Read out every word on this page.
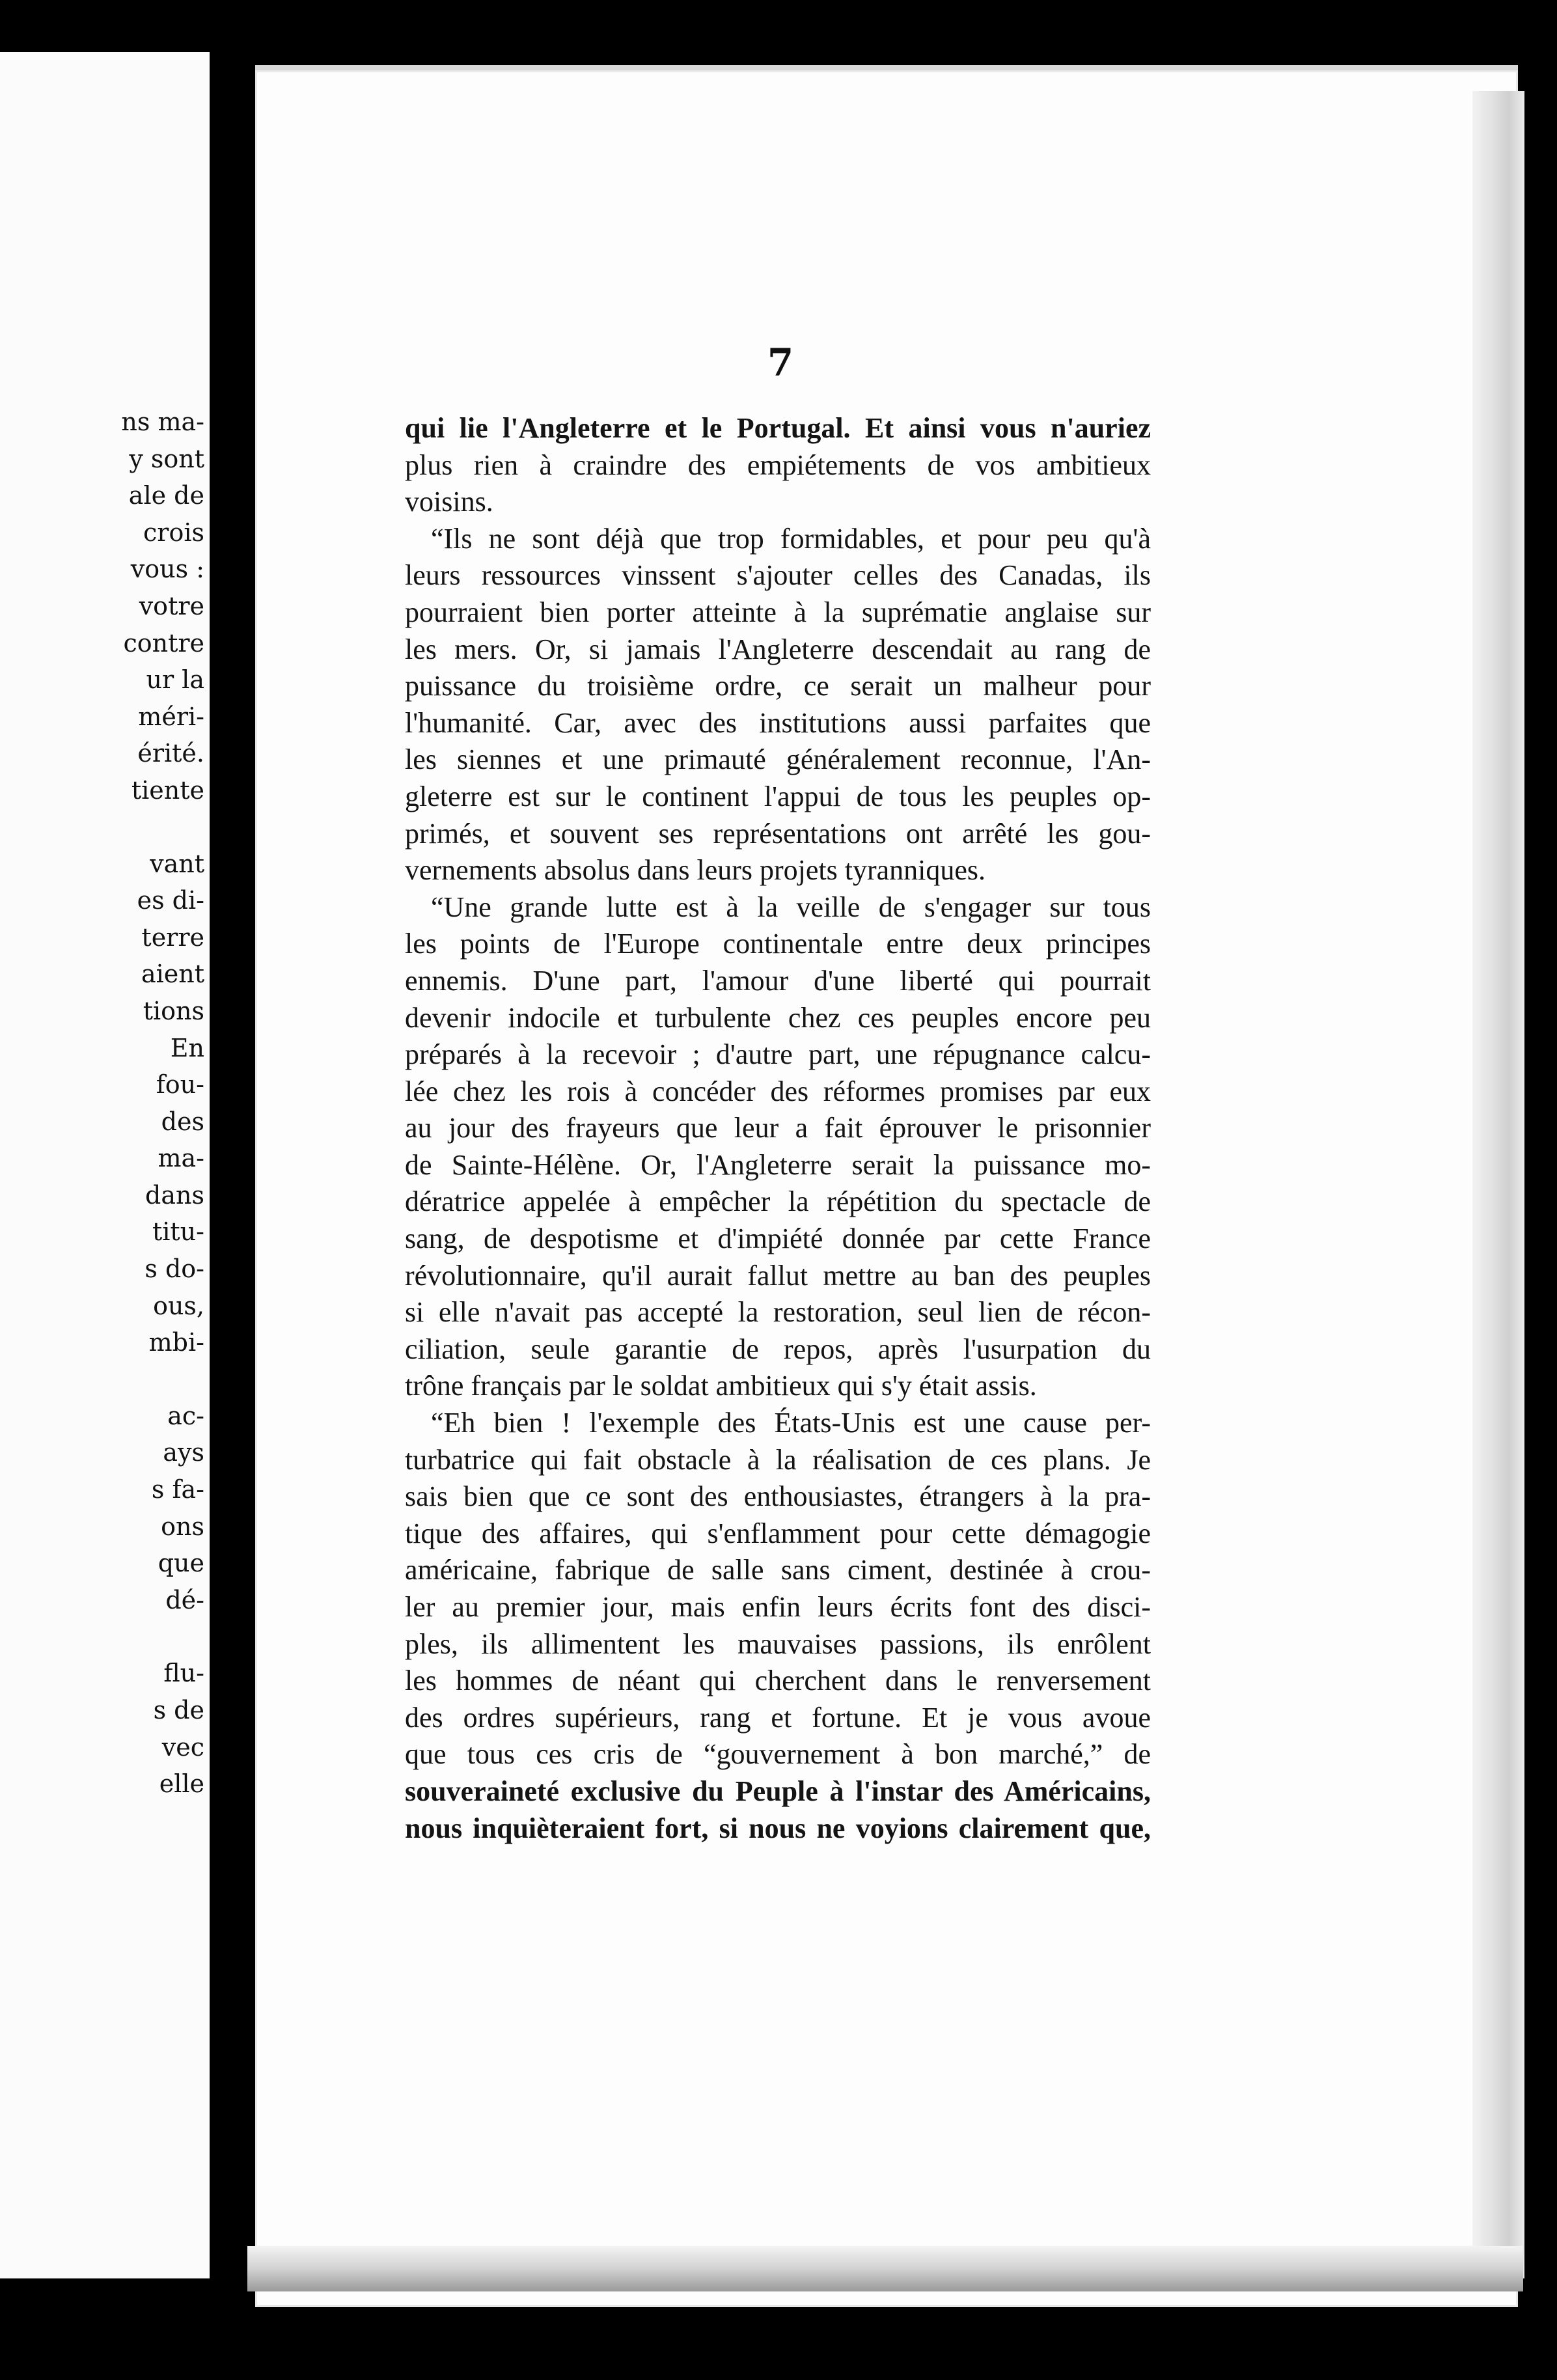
ns ma-
y sont
ale de
crois
vous :
votre
contre
ur la
méri-
érité.
tiente
vant
es di-
terre
aient
tions
En
fou-
des
ma-
dans
titu-
s do-
ous,
mbi-
ac-
ays
s fa-
ons
que
dé-
flu-
s de
vec
elle
7
qui lie l'Angleterre et le Portugal. Et ainsi vous n'auriez
plus rien à craindre des empiétements de vos ambitieux
voisins.
“Ils ne sont déjà que trop formidables, et pour peu qu'à
leurs ressources vinssent s'ajouter celles des Canadas, ils
pourraient bien porter atteinte à la suprématie anglaise sur
les mers. Or, si jamais l'Angleterre descendait au rang de
puissance du troisième ordre, ce serait un malheur pour
l'humanité. Car, avec des institutions aussi parfaites que
les siennes et une primauté généralement reconnue, l'An-
gleterre est sur le continent l'appui de tous les peuples op-
primés, et souvent ses représentations ont arrêté les gou-
vernements absolus dans leurs projets tyranniques.
“Une grande lutte est à la veille de s'engager sur tous
les points de l'Europe continentale entre deux principes
ennemis. D'une part, l'amour d'une liberté qui pourrait
devenir indocile et turbulente chez ces peuples encore peu
préparés à la recevoir ; d'autre part, une répugnance calcu-
lée chez les rois à concéder des réformes promises par eux
au jour des frayeurs que leur a fait éprouver le prisonnier
de Sainte-Hélène. Or, l'Angleterre serait la puissance mo-
dératrice appelée à empêcher la répétition du spectacle de
sang, de despotisme et d'impiété donnée par cette France
révolutionnaire, qu'il aurait fallut mettre au ban des peuples
si elle n'avait pas accepté la restoration, seul lien de récon-
ciliation, seule garantie de repos, après l'usurpation du
trône français par le soldat ambitieux qui s'y était assis.
“Eh bien ! l'exemple des États-Unis est une cause per-
turbatrice qui fait obstacle à la réalisation de ces plans. Je
sais bien que ce sont des enthousiastes, étrangers à la pra-
tique des affaires, qui s'enflamment pour cette démagogie
américaine, fabrique de salle sans ciment, destinée à crou-
ler au premier jour, mais enfin leurs écrits font des disci-
ples, ils allimentent les mauvaises passions, ils enrôlent
les hommes de néant qui cherchent dans le renversement
des ordres supérieurs, rang et fortune. Et je vous avoue
que tous ces cris de “gouvernement à bon marché,” de
souveraineté exclusive du Peuple à l'instar des Américains,
nous inquièteraient fort, si nous ne voyions clairement que,
